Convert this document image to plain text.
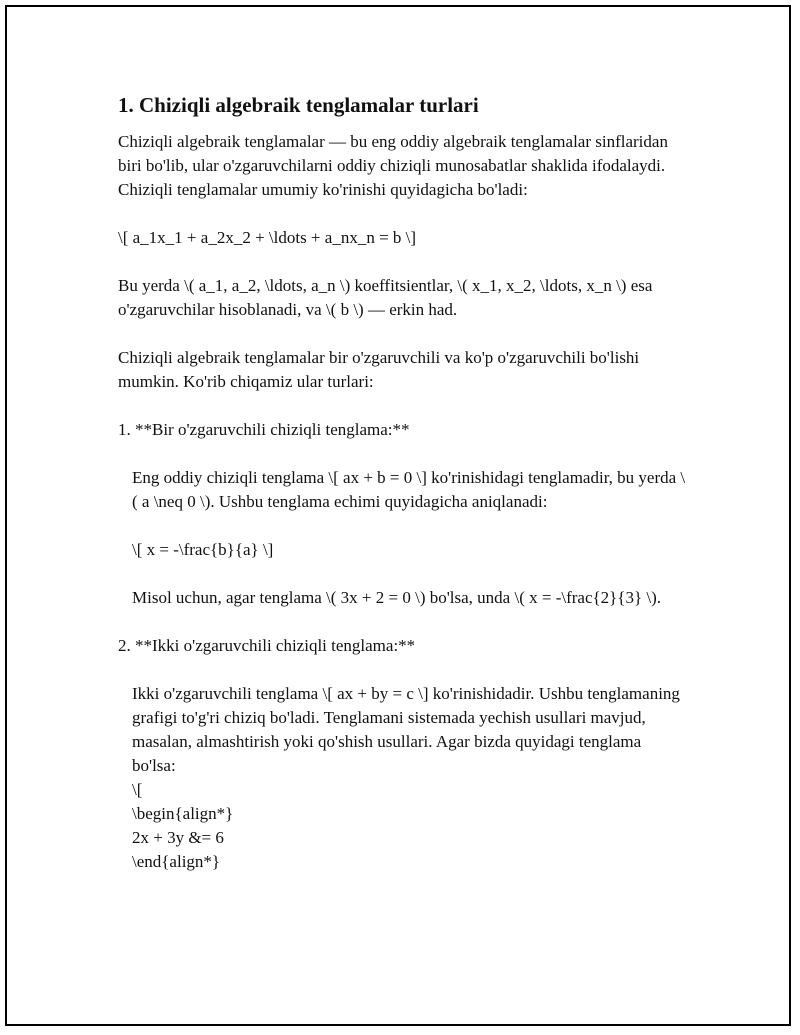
1. Chiziqli algebraik tenglamalar turlari

Chiziqli algebraik tenglamalar — bu eng oddiy algebraik tenglamalar sinflaridan biri bo'lib, ular o'zgaruvchilarni oddiy chiziqli munosabatlar shaklida ifodalaydi. Chiziqli tenglamalar umumiy ko'rinishi quyidagicha bo'ladi:

\[ a_1x_1 + a_2x_2 + \ldots + a_nx_n = b \]

Bu yerda \( a_1, a_2, \ldots, a_n \) koeffitsientlar, \( x_1, x_2, \ldots, x_n \) esa o'zgaruvchilar hisoblanadi, va \( b \) — erkin had.

Chiziqli algebraik tenglamalar bir o'zgaruvchili va ko'p o'zgaruvchili bo'lishi mumkin. Ko'rib chiqamiz ular turlari:

1. **Bir o'zgaruvchili chiziqli tenglama:**

Eng oddiy chiziqli tenglama \[ ax + b = 0 \] ko'rinishidagi tenglamadir, bu yerda \( a \neq 0 \). Ushbu tenglama echimi quyidagicha aniqlanadi:

\[ x = -\frac{b}{a} \]

Misol uchun, agar tenglama \( 3x + 2 = 0 \) bo'lsa, unda \( x = -\frac{2}{3} \).

2. **Ikki o'zgaruvchili chiziqli tenglama:**

Ikki o'zgaruvchili tenglama \[ ax + by = c \] ko'rinishidadir. Ushbu tenglamaning grafigi to'g'ri chiziq bo'ladi. Tenglamani sistemada yechish usullari mavjud, masalan, almashtirish yoki qo'shish usullari. Agar bizda quyidagi tenglama bo'lsa:

\[

\begin{align*}

2x + 3y &= 6

\end{align*}
